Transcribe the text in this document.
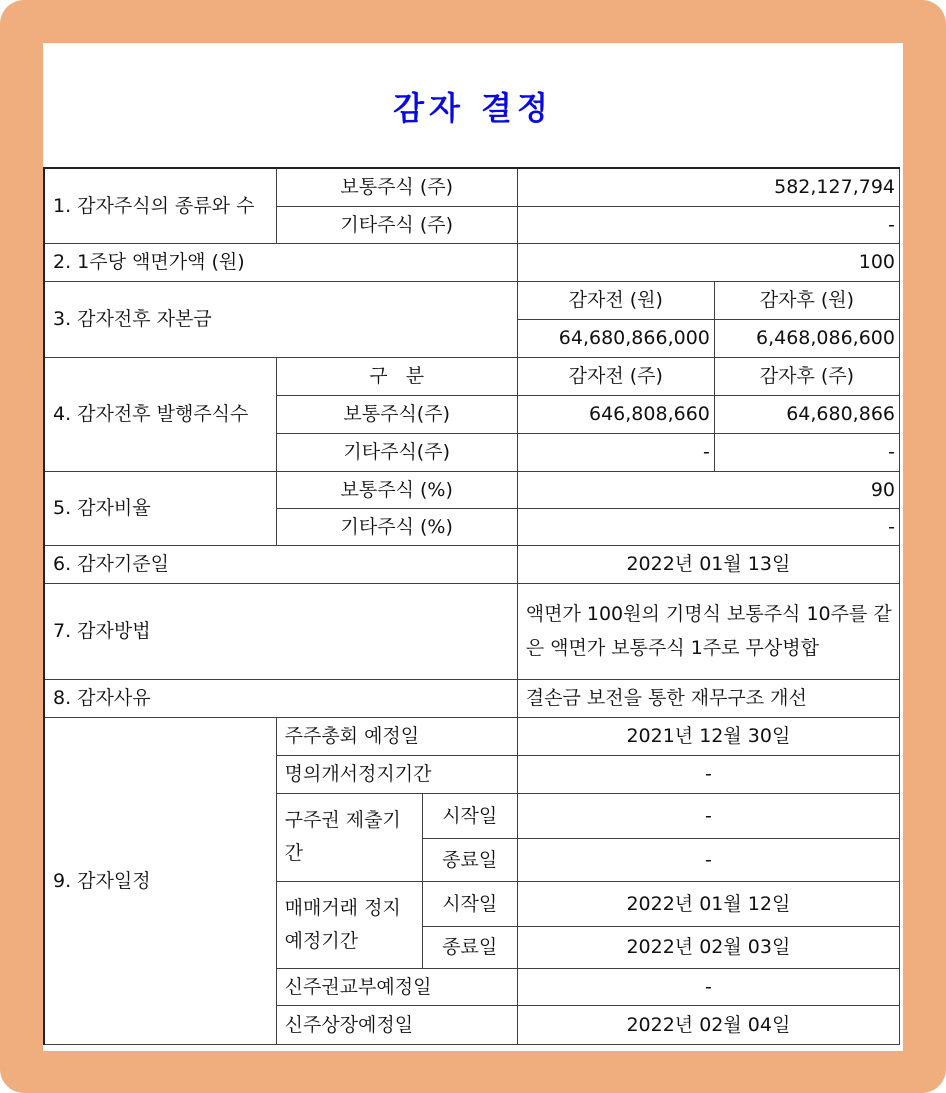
감자 결정
1. 감자주식의 종류와 수	보통주식 (주)		582,127,794	
	기타주식 (주)		-	
2. 1주당 액면가액 (원)			100	
3. 감자전후 자본금			감자전 (원)	감자후 (원)
			64,680,866,000	6,468,086,600
4. 감자전후 발행주식수	구   분		감자전 (주)	감자후 (주)
	보통주식(주)		646,808,660	64,680,866
	기타주식(주)		-	-
5. 감자비율	보통주식 (%)		90	
	기타주식 (%)		-	
6. 감자기준일			2022년 01월 13일	
7. 감자방법			액면가 100원의 기명식 보통주식 10주를 같은 액면가 보통주식 1주로 무상병합	
8. 감자사유			결손금 보전을 통한 재무구조 개선	
9. 감자일정	주주총회 예정일		2021년 12월 30일	
	명의개서정지기간		-	
	구주권 제출기간	시작일	-	
		종료일	-	
	매매거래 정지예정기간	시작일	2022년 01월 12일	
		종료일	2022년 02월 03일	
	신주권교부예정일		-	
	신주상장예정일		2022년 02월 04일	
